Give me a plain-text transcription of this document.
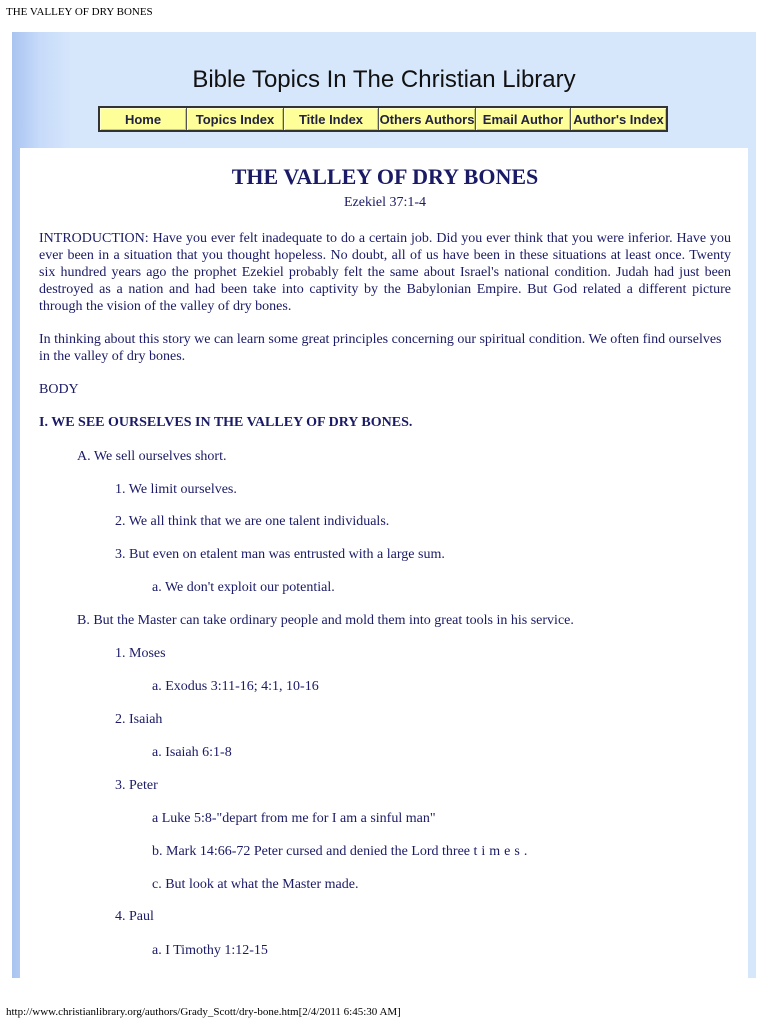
THE VALLEY OF DRY BONES
Bible Topics In The Christian Library
Home	Topics Index	Title Index	Others Authors Email Author Author's Index
THE VALLEY OF DRY BONES
Ezekiel 37:1-4

INTRODUCTION: Have you ever felt inadequate to do a certain job. Did you ever think that you were inferior. Have you ever been in a situation that you thought hopeless. No doubt, all of us have been in these situations at least once. Twenty six hundred years ago the prophet Ezekiel probably felt the same about Israel's national condition. Judah had just been destroyed as a nation and had been take into captivity by the Babylonian Empire. But God related a different picture through the vision of the valley of dry bones.

In thinking about this story we can learn some great principles concerning our spiritual condition. We often find ourselves in the valley of dry bones.

BODY

I. WE SEE OURSELVES IN THE VALLEY OF DRY BONES.

A. We sell ourselves short.

1. We limit ourselves.

2. We all think that we are one talent individuals.

3. But even on etalent man was entrusted with a large sum.

a. We don't exploit our potential.

B. But the Master can take ordinary people and mold them into great tools in his service.

1. Moses

a. Exodus 3:11-16; 4:1, 10-16

2. Isaiah

a. Isaiah 6:1-8

3. Peter

a Luke 5:8-"depart from me for I am a sinful man"

b. Mark 14:66-72 Peter cursed and denied the Lord three times.

c. But look at what the Master made.

4. Paul

a. I Timothy 1:12-15

http://www.christianlibrary.org/authors/Grady_Scott/dry-bone.htm[2/4/2011 6:45:30 AM]
